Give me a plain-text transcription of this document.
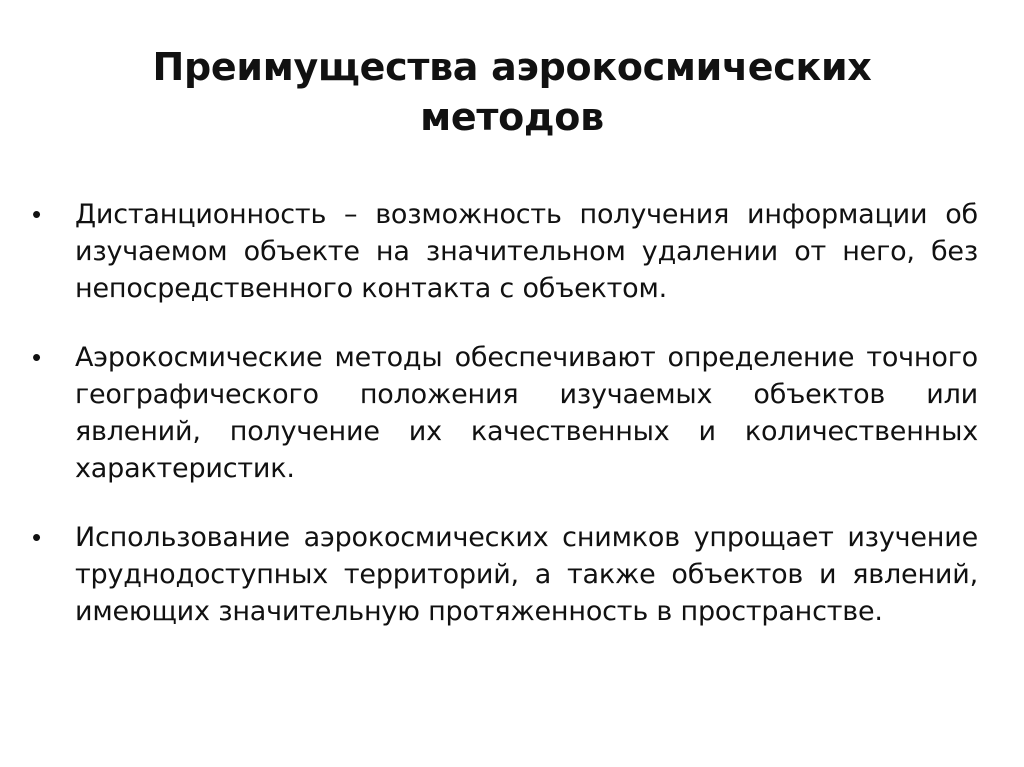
Преимущества аэрокосмических методов
• Дистанционность – возможность получения информации об изучаемом объекте на значительном удалении от него, без непосредственного контакта с объектом.
• Аэрокосмические методы обеспечивают определение точного географического положения изучаемых объектов или явлений, получение их качественных и количественных характеристик.
• Использование аэрокосмических снимков упрощает изучение труднодоступных территорий, а также объектов и явлений, имеющих значительную протяженность в пространстве.
